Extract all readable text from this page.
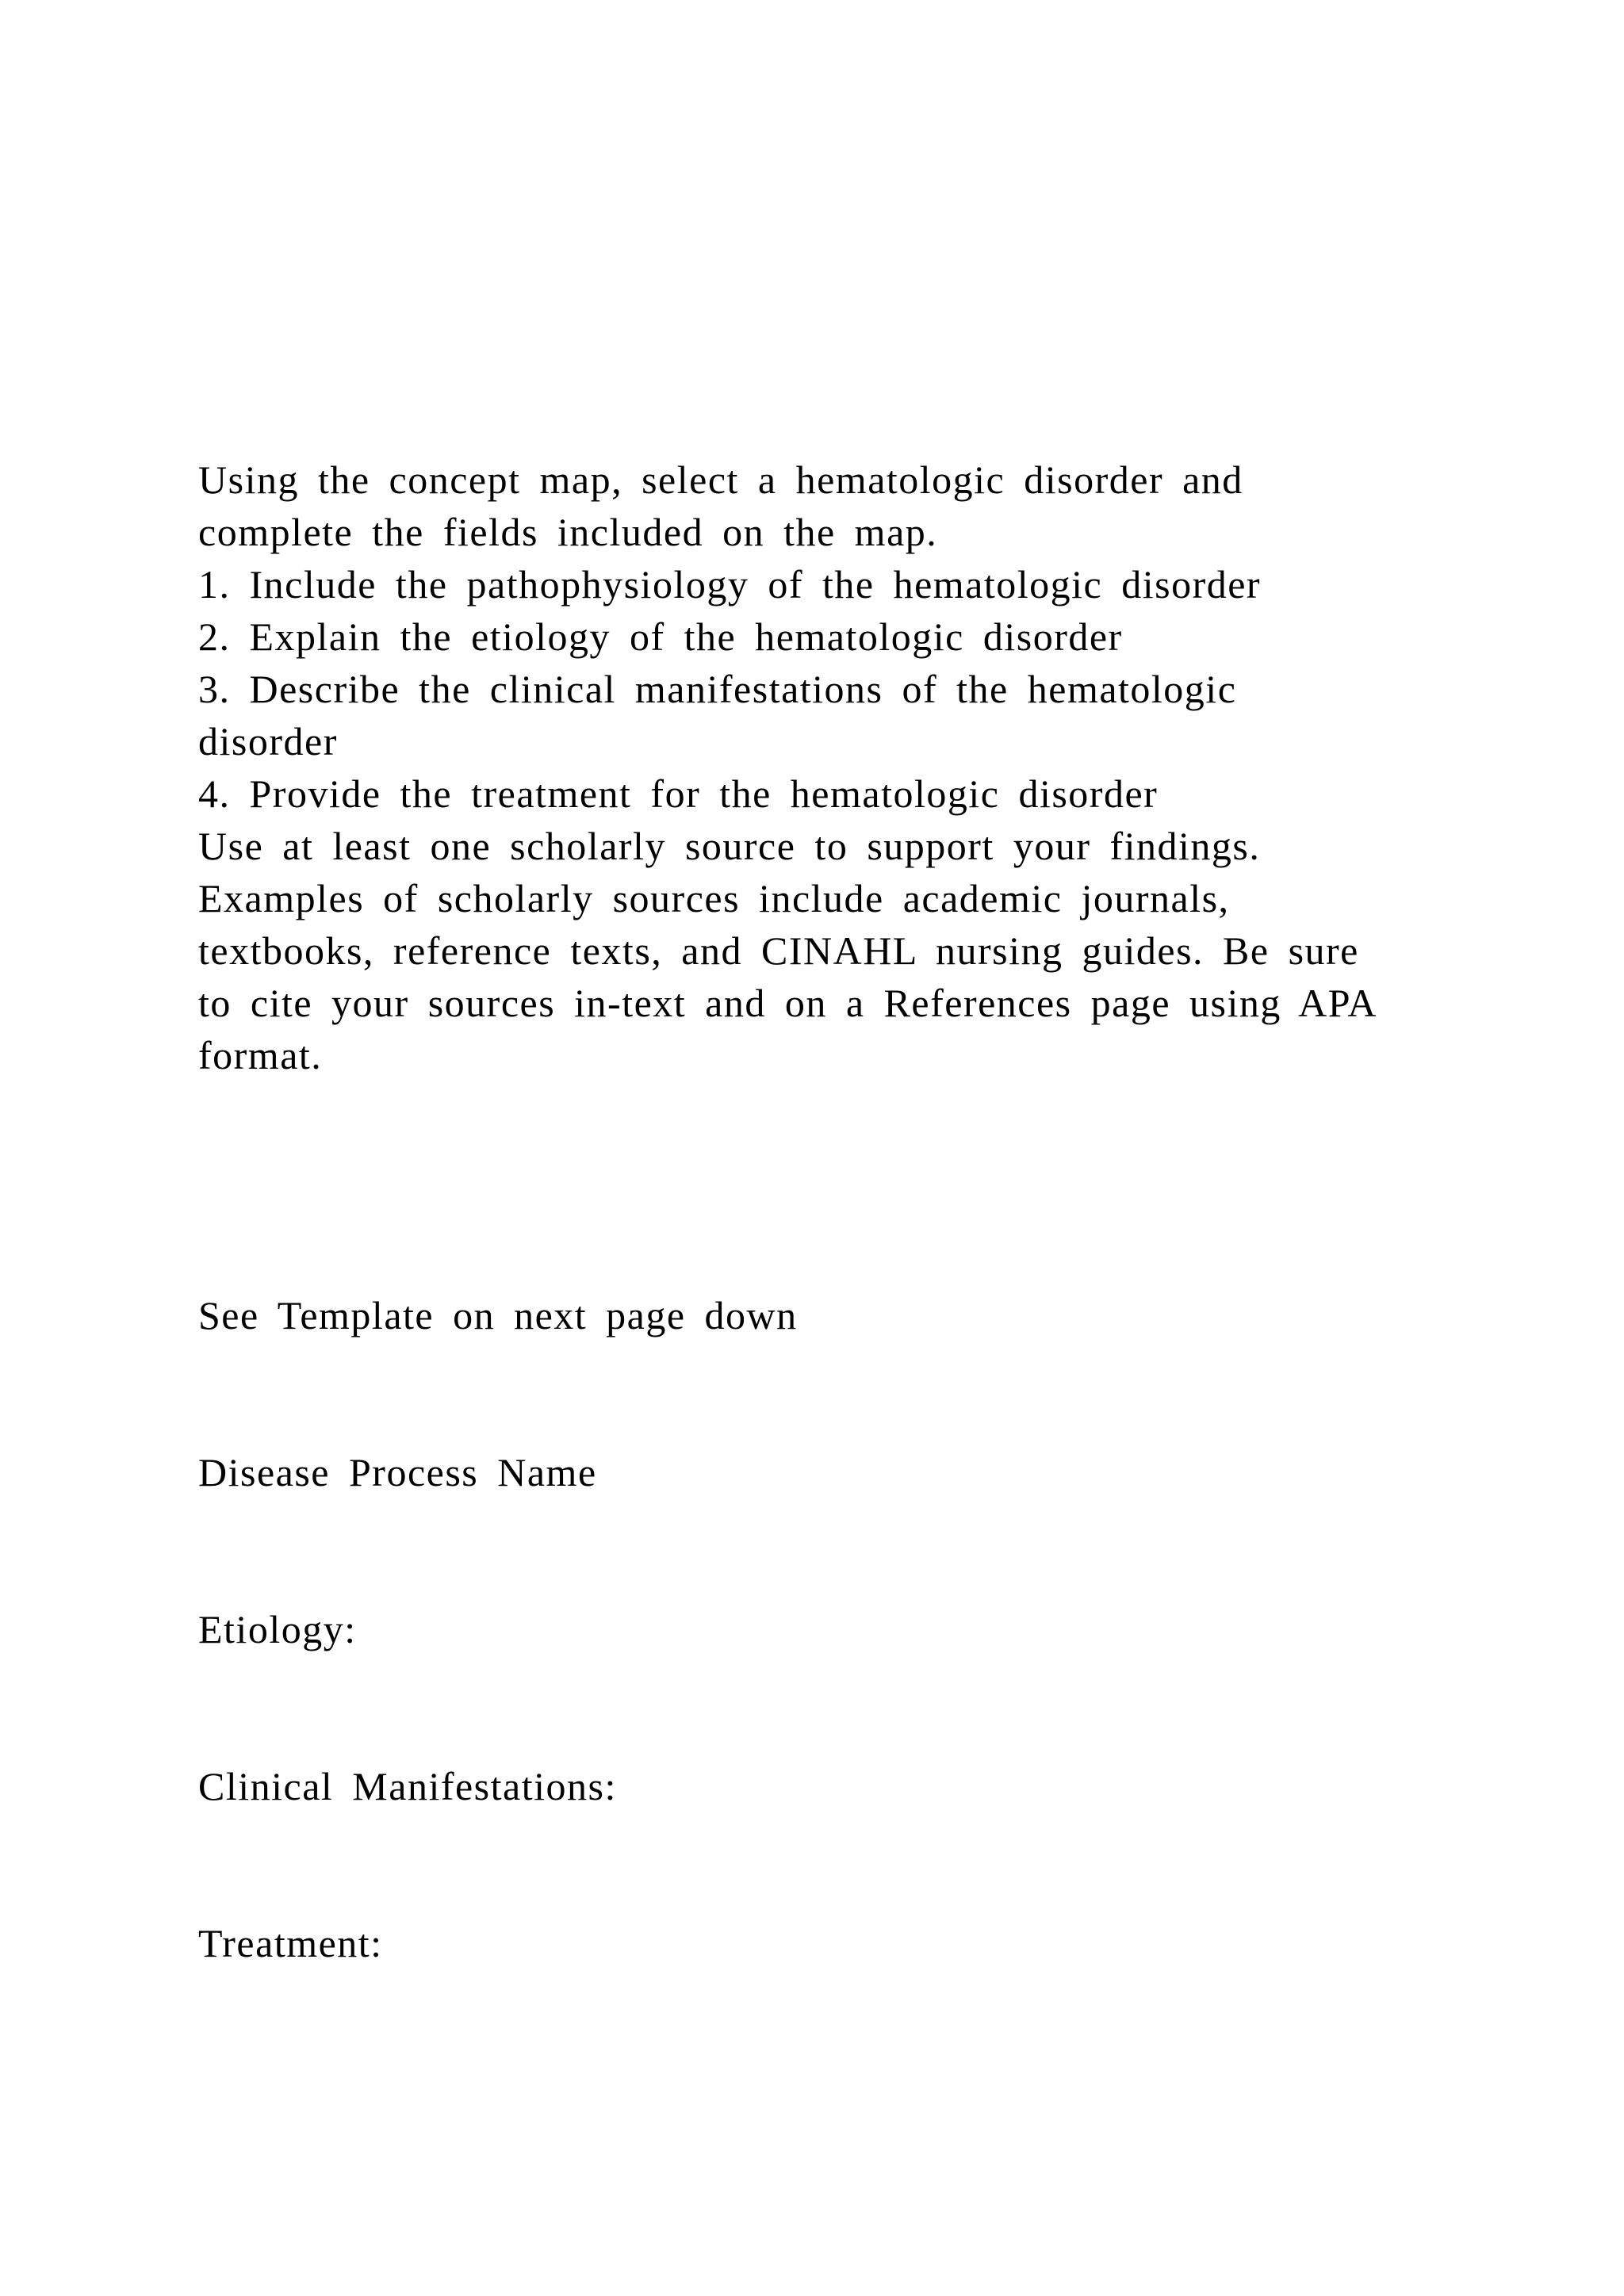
Using the concept map, select a hematologic disorder and
complete the fields included on the map.
1. Include the pathophysiology of the hematologic disorder
2. Explain the etiology of the hematologic disorder
3. Describe the clinical manifestations of the hematologic
disorder
4. Provide the treatment for the hematologic disorder
Use at least one scholarly source to support your findings.
Examples of scholarly sources include academic journals,
textbooks, reference texts, and CINAHL nursing guides. Be sure
to cite your sources in-text and on a References page using APA
format.
See Template on next page down
Disease Process Name
Etiology:
Clinical Manifestations:
Treatment:
